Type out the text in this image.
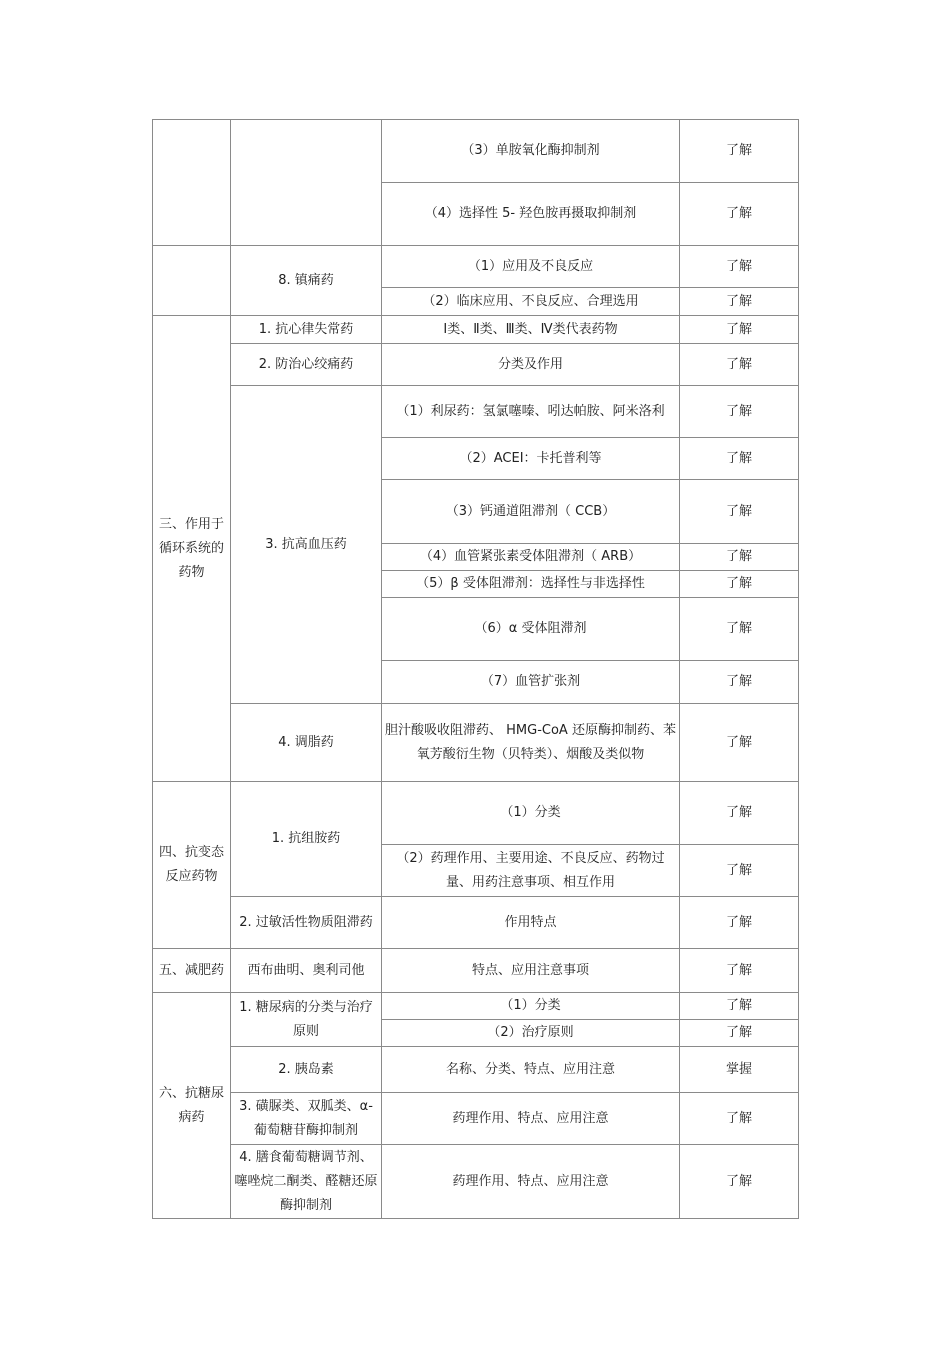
		（3）单胺氧化酶抑制剂	了解
		（4）选择性 5- 羟色胺再摄取抑制剂	了解
	8. 镇痛药	（1）应用及不良反应	了解
		（2）临床应用、不良反应、合理选用	了解
三、作用于循环系统的药物	1. 抗心律失常药	Ⅰ类、Ⅱ类、Ⅲ类、Ⅳ类代表药物	了解
	2. 防治心绞痛药	分类及作用	了解
	3. 抗高血压药	（1）利尿药：氢氯噻嗪、吲达帕胺、阿米洛利	了解
		（2）ACEI：卡托普利等	了解
		（3）钙通道阻滞剂（ CCB）	了解
		（4）血管紧张素受体阻滞剂（ ARB）	了解
		（5）β 受体阻滞剂：选择性与非选择性	了解
		（6）α 受体阻滞剂	了解
		（7）血管扩张剂	了解
	4. 调脂药	胆汁酸吸收阻滞药、 HMG-CoA 还原酶抑制药、苯氧芳酸衍生物（贝特类）、烟酸及类似物	了解
四、抗变态反应药物	1. 抗组胺药	（1）分类	了解
		（2）药理作用、主要用途、不良反应、药物过量、用药注意事项、相互作用	了解
	2. 过敏活性物质阻滞药	作用特点	了解
五、减肥药	西布曲明、奥利司他	特点、应用注意事项	了解
六、抗糖尿病药	1. 糖尿病的分类与治疗原则	（1）分类	了解
		（2）治疗原则	了解
	2. 胰岛素	名称、分类、特点、应用注意	掌握
	3. 磺脲类、双胍类、α-葡萄糖苷酶抑制剂	药理作用、特点、应用注意	了解
	4. 膳食葡萄糖调节剂、噻唑烷二酮类、醛糖还原酶抑制剂	药理作用、特点、应用注意	了解
